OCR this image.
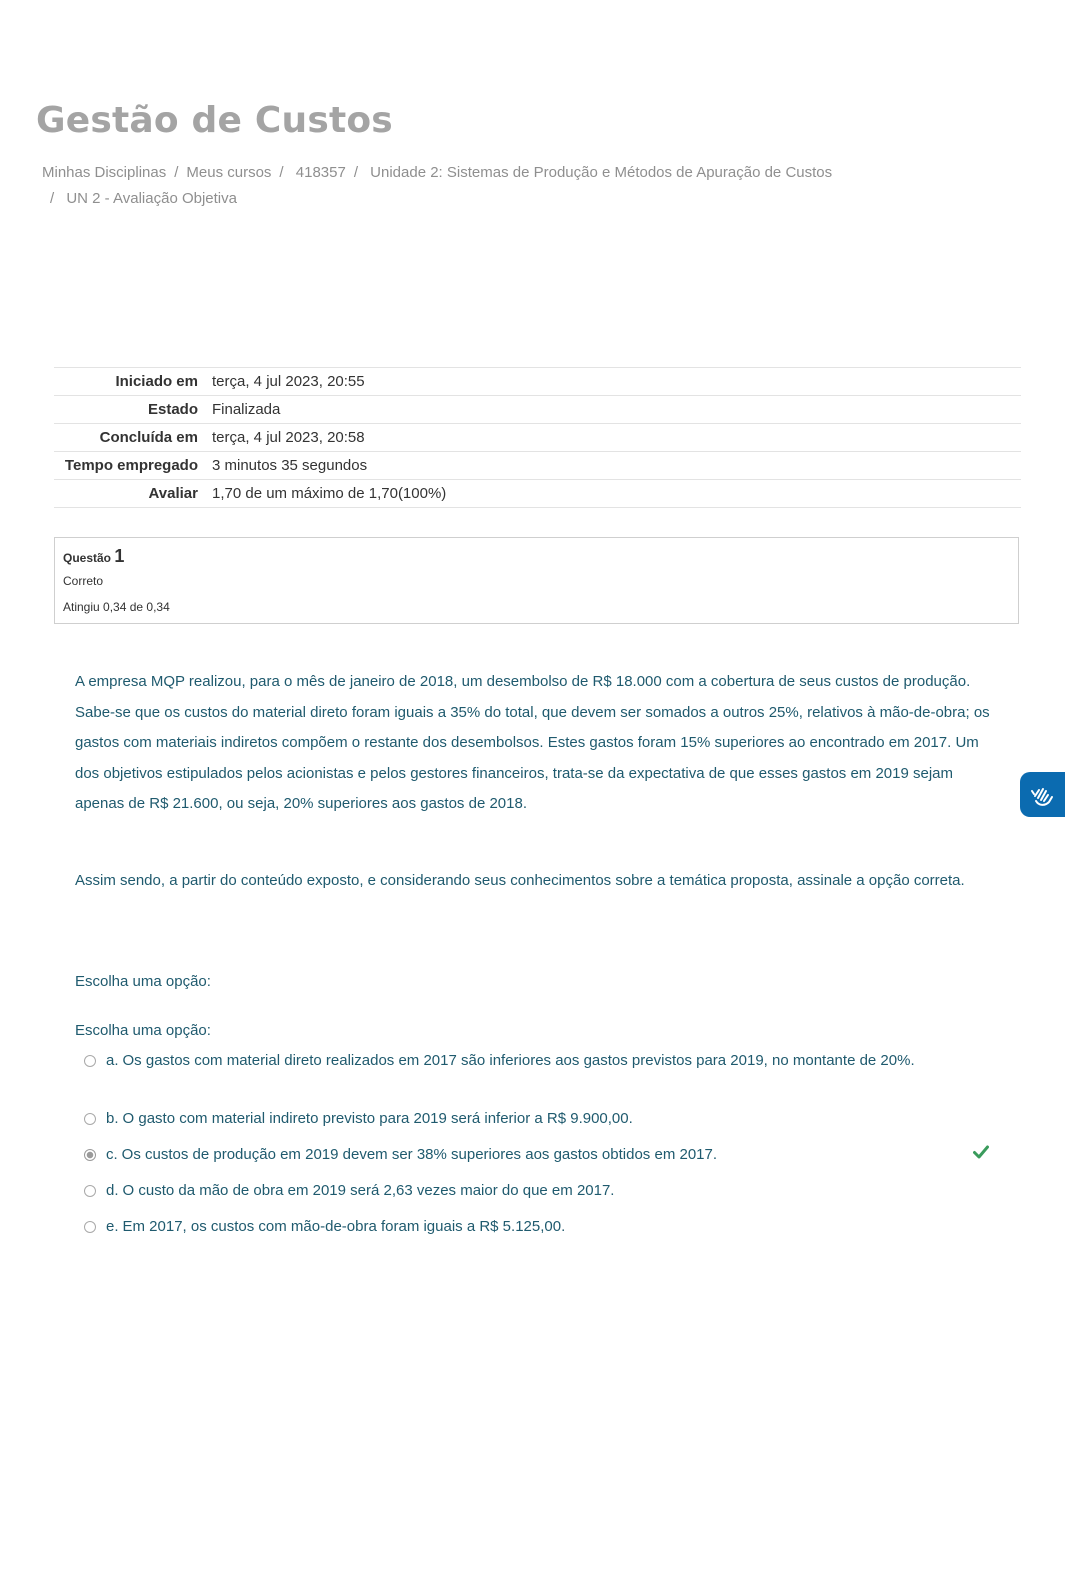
Gestão de Custos
Minhas Disciplinas / Meus cursos / 418357 / Unidade 2: Sistemas de Produção e Métodos de Apuração de Custos
/ UN 2 - Avaliação Objetiva
Iniciado em	terça, 4 jul 2023, 20:55
Estado	Finalizada
Concluída em	terça, 4 jul 2023, 20:58
Tempo empregado	3 minutos 35 segundos
Avaliar	1,70 de um máximo de 1,70(100%)
Questão 1
Correto
Atingiu 0,34 de 0,34

A empresa MQP realizou, para o mês de janeiro de 2018, um desembolso de R$ 18.000 com a cobertura de seus custos de produção. Sabe-se que os custos do material direto foram iguais a 35% do total, que devem ser somados a outros 25%, relativos à mão-de-obra; os gastos com materiais indiretos compõem o restante dos desembolsos. Estes gastos foram 15% superiores ao encontrado em 2017. Um dos objetivos estipulados pelos acionistas e pelos gestores financeiros, trata-se da expectativa de que esses gastos em 2019 sejam apenas de R$ 21.600, ou seja, 20% superiores aos gastos de 2018.

Assim sendo, a partir do conteúdo exposto, e considerando seus conhecimentos sobre a temática proposta, assinale a opção correta.

Escolha uma opção:
Escolha uma opção:
a. Os gastos com material direto realizados em 2017 são inferiores aos gastos previstos para 2019, no montante de 20%.
b. O gasto com material indireto previsto para 2019 será inferior a R$ 9.900,00.
c. Os custos de produção em 2019 devem ser 38% superiores aos gastos obtidos em 2017.
d. O custo da mão de obra em 2019 será 2,63 vezes maior do que em 2017.
e. Em 2017, os custos com mão-de-obra foram iguais a R$ 5.125,00.
